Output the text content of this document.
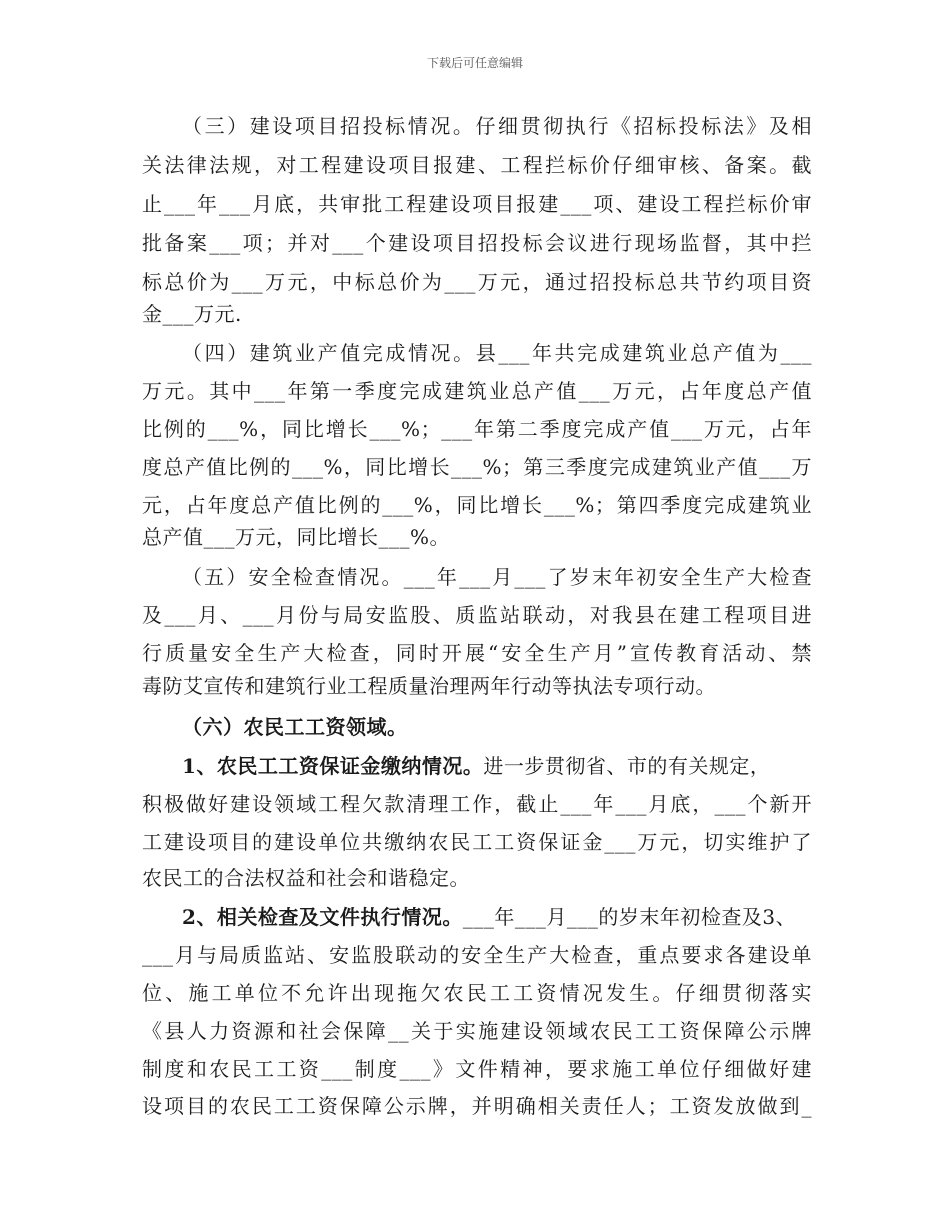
下载后可任意编辑
（三）建设项目招投标情况。仔细贯彻执行《招标投标法》及相
关法律法规，对工程建设项目报建、工程拦标价仔细审核、备案。截
止___年___月底，共审批工程建设项目报建___项、建设工程拦标价审
批备案___项；并对___个建设项目招投标会议进行现场监督，其中拦
标总价为___万元，中标总价为___万元，通过招投标总共节约项目资
金___万元.
（四）建筑业产值完成情况。县___年共完成建筑业总产值为___
万元。其中___年第一季度完成建筑业总产值___万元，占年度总产值
比例的___%，同比增长___%；___年第二季度完成产值___万元，占年
度总产值比例的___%，同比增长___%；第三季度完成建筑业产值___万
元，占年度总产值比例的___%，同比增长___%；第四季度完成建筑业
总产值___万元，同比增长___%。
（五）安全检查情况。___年___月___了岁末年初安全生产大检查
及___月、___月份与局安监股、质监站联动，对我县在建工程项目进
行质量安全生产大检查，同时开展“安全生产月”宣传教育活动、禁
毒防艾宣传和建筑行业工程质量治理两年行动等执法专项行动。
（六）农民工工资领域。
1、农民工工资保证金缴纳情况。进一步贯彻省、市的有关规定，
积极做好建设领域工程欠款清理工作，截止___年___月底，___个新开
工建设项目的建设单位共缴纳农民工工资保证金___万元，切实维护了
农民工的合法权益和社会和谐稳定。
2、相关检查及文件执行情况。___年___月___的岁末年初检查及3、
___月与局质监站、安监股联动的安全生产大检查，重点要求各建设单
位、施工单位不允许出现拖欠农民工工资情况发生。仔细贯彻落实
《县人力资源和社会保障__关于实施建设领域农民工工资保障公示牌
制度和农民工工资___制度___》文件精神，要求施工单位仔细做好建
设项目的农民工工资保障公示牌，并明确相关责任人；工资发放做到_
